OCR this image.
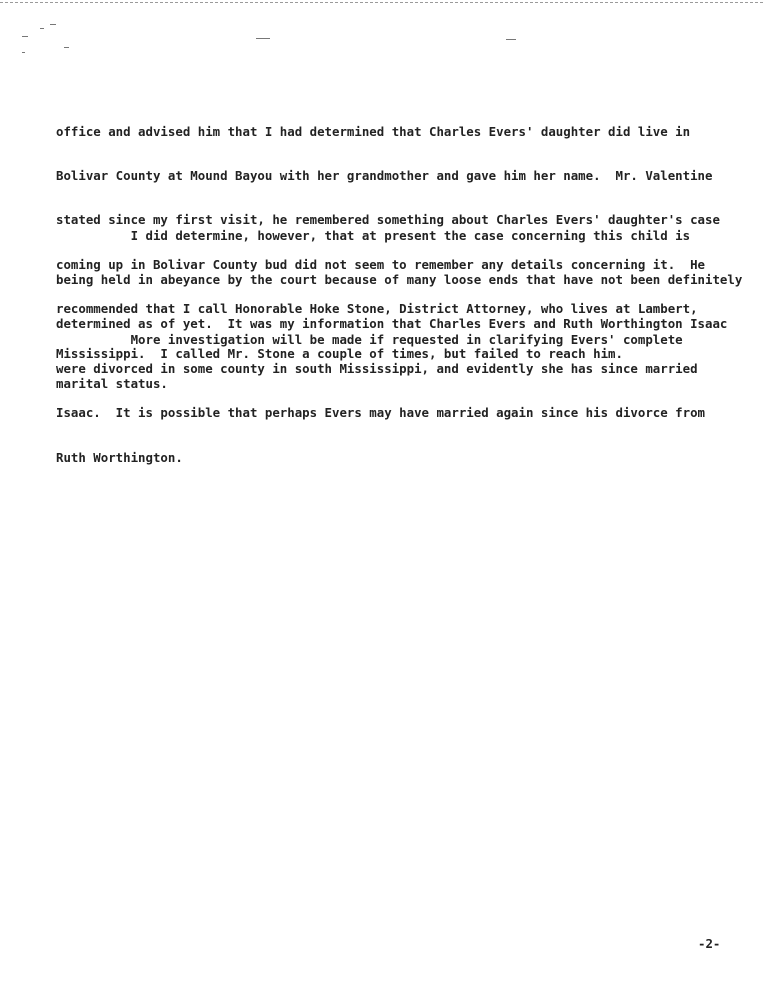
office and advised him that I had determined that Charles Evers' daughter did live in

Bolivar County at Mound Bayou with her grandmother and gave him her name.  Mr. Valentine

stated since my first visit, he remembered something about Charles Evers' daughter's case

coming up in Bolivar County bud did not seem to remember any details concerning it.  He

recommended that I call Honorable Hoke Stone, District Attorney, who lives at Lambert,

Mississippi.  I called Mr. Stone a couple of times, but failed to reach him.

I did determine, however, that at present the case concerning this child is

being held in abeyance by the court because of many loose ends that have not been definitely

determined as of yet.  It was my information that Charles Evers and Ruth Worthington Isaac

were divorced in some county in south Mississippi, and evidently she has since married

Isaac.  It is possible that perhaps Evers may have married again since his divorce from

Ruth Worthington.

More investigation will be made if requested in clarifying Evers' complete

marital status.

-2-
